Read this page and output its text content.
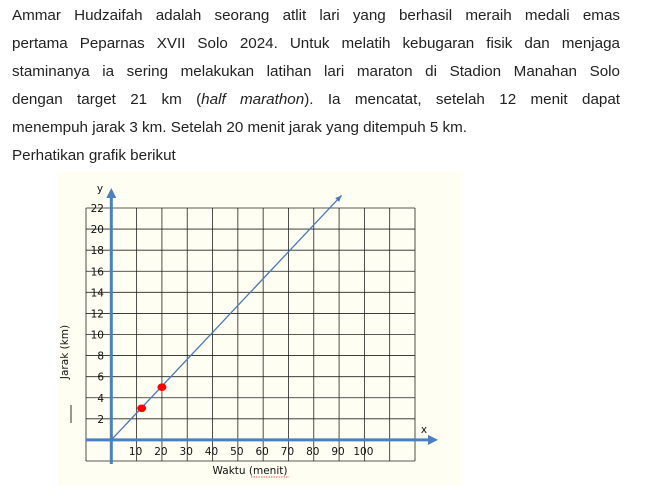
Ammar Hudzaifah adalah seorang atlit lari yang berhasil meraih medali emas
pertama Peparnas XVII Solo 2024. Untuk melatih kebugaran fisik dan menjaga
staminanya ia sering melakukan latihan lari maraton di Stadion Manahan Solo
dengan target 21 km (half marathon). Ia mencatat, setelah 12 menit dapat
menempuh jarak 3 km. Setelah 20 menit jarak yang ditempuh 5 km.
Perhatikan grafik berikut
2
4
6
8
10
12
14
16
18
20
22
10 20 30 40 50 60 70 80 90 100
Waktu (menit)
Jarak (km)
y
x
